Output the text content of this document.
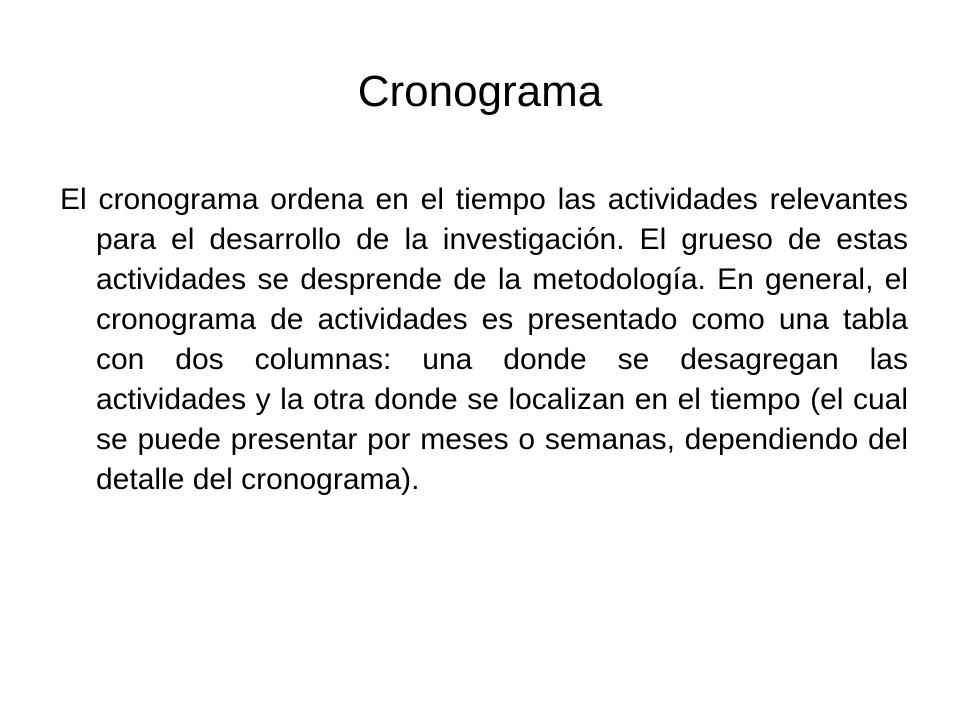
Cronograma

El cronograma ordena en el tiempo las actividades relevantes para el desarrollo de la investigación. El grueso de estas actividades se desprende de la metodología. En general, el cronograma de actividades es presentado como una tabla con dos columnas: una donde se desagregan las actividades y la otra donde se localizan en el tiempo (el cual se puede presentar por meses o semanas, dependiendo del detalle del cronograma).
